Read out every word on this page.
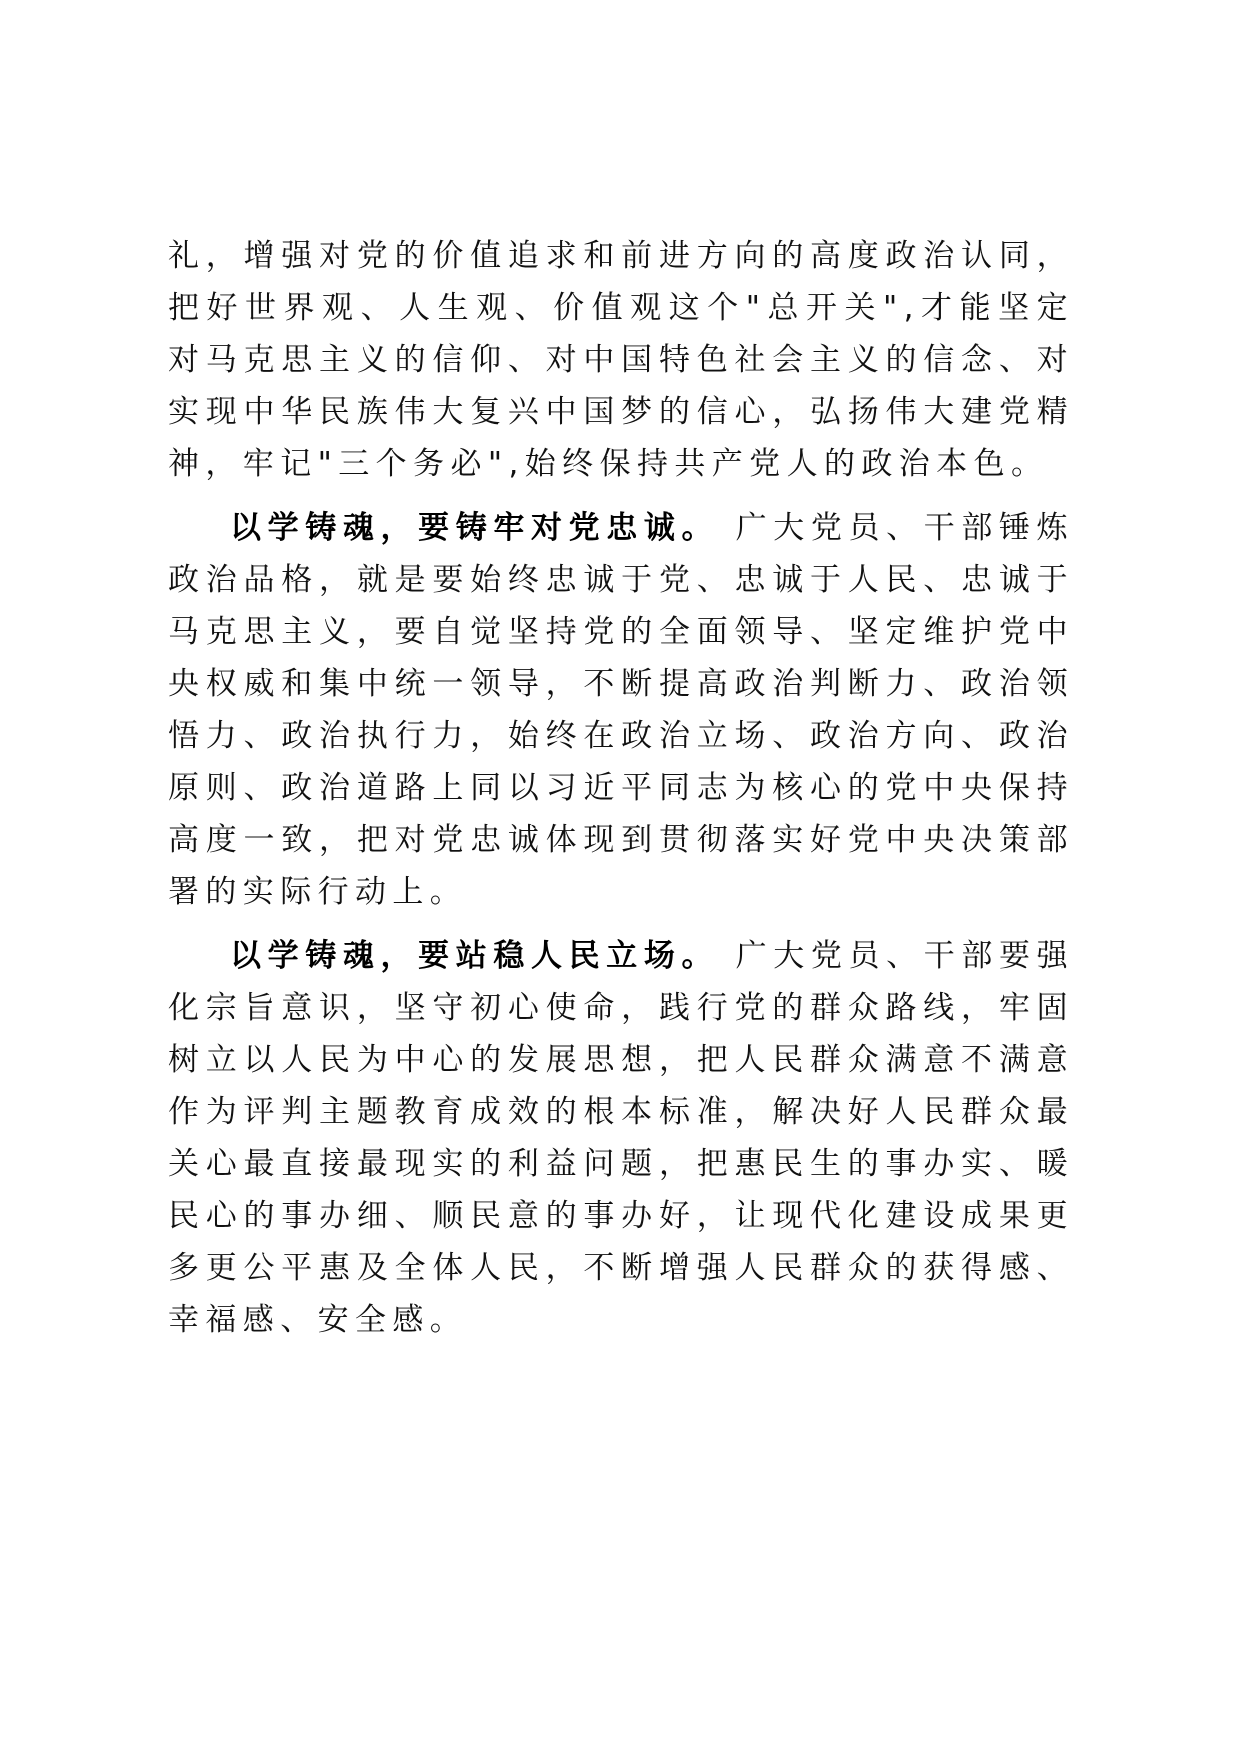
礼，增强对党的价值追求和前进方向的高度政治认同，把好世界观、人生观、价值观这个"总开关",才能坚定对马克思主义的信仰、对中国特色社会主义的信念、对实现中华民族伟大复兴中国梦的信心，弘扬伟大建党精神，牢记"三个务必",始终保持共产党人的政治本色。

以学铸魂，要铸牢对党忠诚。 广大党员、干部锤炼政治品格，就是要始终忠诚于党、忠诚于人民、忠诚于马克思主义，要自觉坚持党的全面领导、坚定维护党中央权威和集中统一领导，不断提高政治判断力、政治领悟力、政治执行力，始终在政治立场、政治方向、政治原则、政治道路上同以习近平同志为核心的党中央保持高度一致，把对党忠诚体现到贯彻落实好党中央决策部署的实际行动上。

以学铸魂，要站稳人民立场。 广大党员、干部要强化宗旨意识，坚守初心使命，践行党的群众路线，牢固树立以人民为中心的发展思想，把人民群众满意不满意作为评判主题教育成效的根本标准，解决好人民群众最关心最直接最现实的利益问题，把惠民生的事办实、暖民心的事办细、顺民意的事办好，让现代化建设成果更多更公平惠及全体人民，不断增强人民群众的获得感、幸福感、安全感。
